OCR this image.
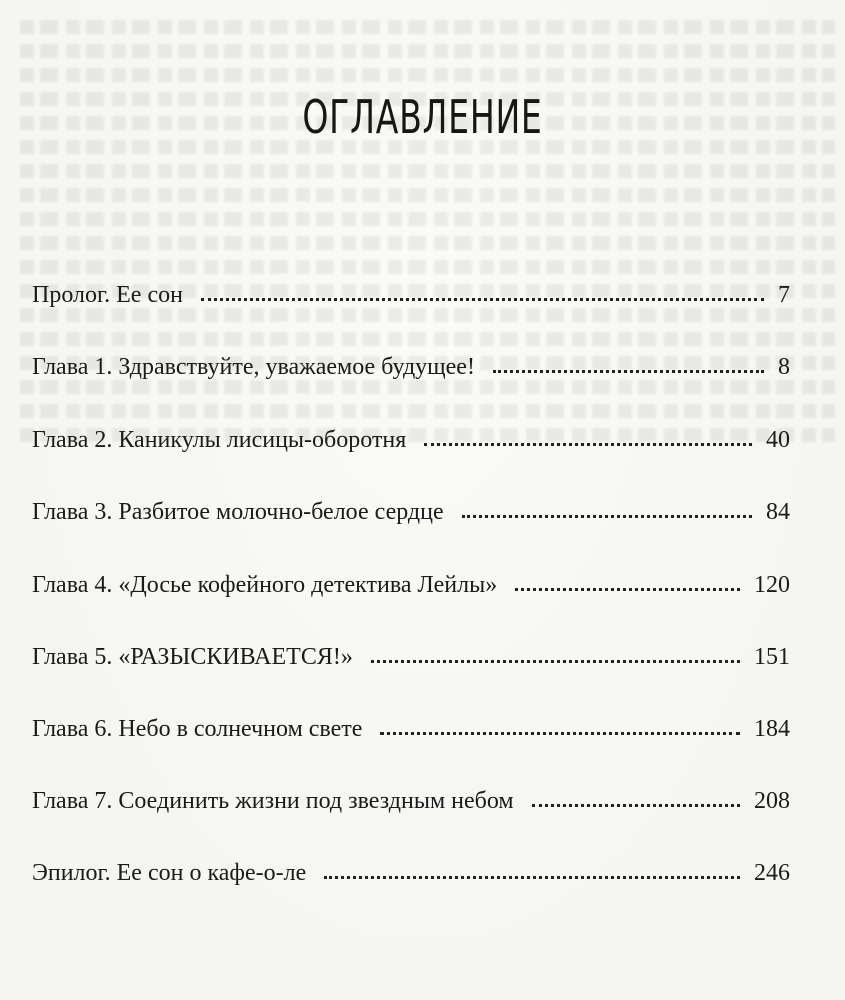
ОГЛАВЛЕНИЕ
Пролог. Ее сон	7
Глава 1. Здравствуйте, уважаемое будущее!	8
Глава 2. Каникулы лисицы-оборотня	40
Глава 3. Разбитое молочно-белое сердце	84
Глава 4. «Досье кофейного детектива Лейлы»	120
Глава 5. «РАЗЫСКИВАЕТСЯ!»	151
Глава 6. Небо в солнечном свете	184
Глава 7. Соединить жизни под звездным небом	208
Эпилог. Ее сон о кафе-о-ле	246
